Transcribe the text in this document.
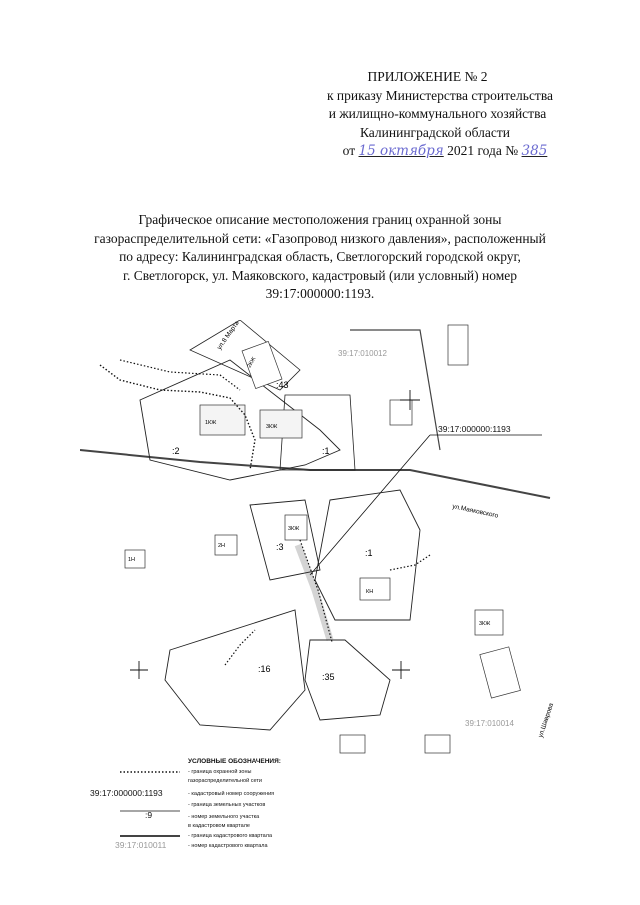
ПРИЛОЖЕНИЕ № 2
к приказу Министерства строительства
и жилищно-коммунального хозяйства
Калининградской области
от 15 октября 2021 года № 385
Графическое описание местоположения границ охранной зоны
газораспределительной сети: «Газопровод низкого давления», расположенный
по адресу: Калининградская область, Светлогорский городской округ,
г. Светлогорск, ул. Маяковского, кадастровый (или условный) номер
39:17:000000:1193.
39:17:010012
39:17:010014
39:17:000000:1193
:43
:2	:1
:3
:1
:16
:35
ул.8 Марта
ул.Маяковского
ул.Шаврова
1КЖ
3КЖ
2КЖ
1Н
3КЖ
2Н
КН
3КЖ
УСЛОВНЫЕ ОБОЗНАЧЕНИЯ:
- граница охранной зоны
газораспределительной сети
39:17:000000:1193	- кадастровый номер сооружения
- граница земельных участков
:9	- номер земельного участка
в кадастровом квартале
- граница кадастрового квартала
39:17:010011	- номер кадастрового квартала
